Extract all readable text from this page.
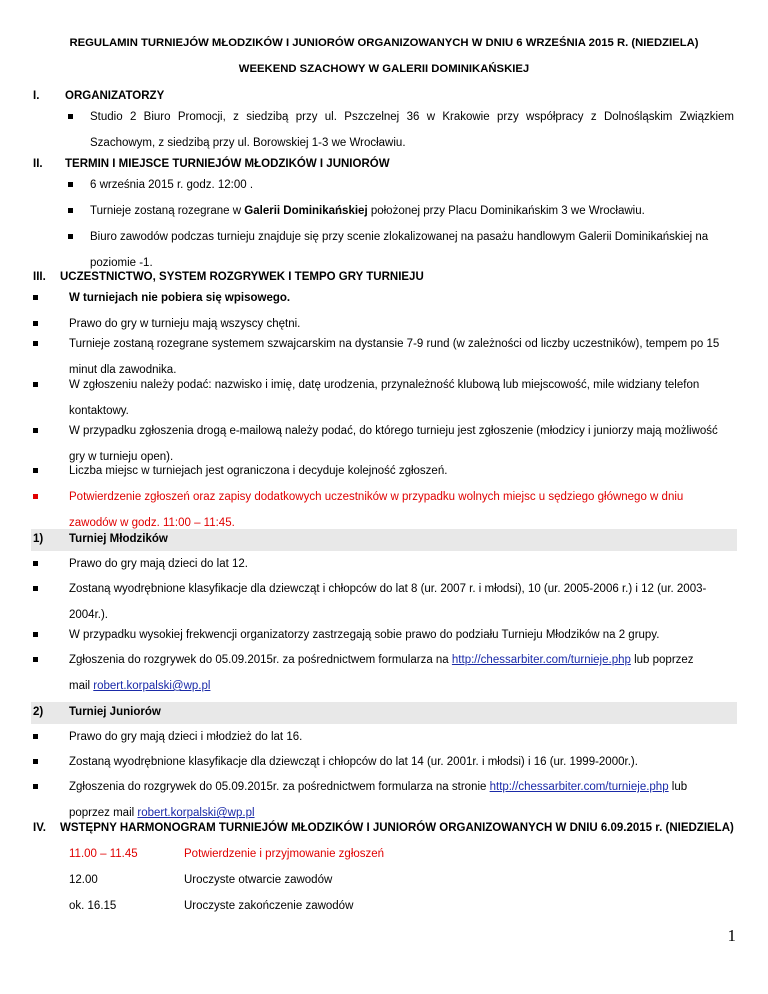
REGULAMIN TURNIEJÓW MŁODZIKÓW I JUNIORÓW ORGANIZOWANYCH W DNIU 6 WRZEŚNIA 2015 R. (NIEDZIELA)
WEEKEND SZACHOWY W GALERII DOMINIKAŃSKIEJ
I. ORGANIZATORZY
Studio 2 Biuro Promocji, z siedzibą przy ul. Pszczelnej 36 w Krakowie przy współpracy z Dolnośląskim Związkiem
Szachowym, z siedzibą przy ul. Borowskiej 1-3 we Wrocławiu.
II. TERMIN I MIEJSCE TURNIEJÓW MŁODZIKÓW I JUNIORÓW
6 września 2015 r. godz. 12:00 .
Turnieje zostaną rozegrane w Galerii Dominikańskiej położonej przy Placu Dominikańskim 3 we Wrocławiu.
Biuro zawodów podczas turnieju znajduje się przy scenie zlokalizowanej na pasażu handlowym Galerii Dominikańskiej na
poziomie -1.
III. UCZESTNICTWO, SYSTEM ROZGRYWEK I TEMPO GRY TURNIEJU
W turniejach nie pobiera się wpisowego.
Prawo do gry w turnieju mają wszyscy chętni.
Turnieje zostaną rozegrane systemem szwajcarskim na dystansie 7-9 rund (w zależności od liczby uczestników), tempem po 15
minut dla zawodnika.
W zgłoszeniu należy podać: nazwisko i imię, datę urodzenia, przynależność klubową lub miejscowość, mile widziany telefon
kontaktowy.
W przypadku zgłoszenia drogą e-mailową należy podać, do którego turnieju jest zgłoszenie (młodzicy i juniorzy mają możliwość
gry w turnieju open).
Liczba miejsc w turniejach jest ograniczona i decyduje kolejność zgłoszeń.
Potwierdzenie zgłoszeń oraz zapisy dodatkowych uczestników w przypadku wolnych miejsc u sędziego głównego w dniu
zawodów w godz. 11:00 – 11:45.
1) Turniej Młodzików
Prawo do gry mają dzieci do lat 12.
Zostaną wyodrębnione klasyfikacje dla dziewcząt i chłopców do lat 8 (ur. 2007 r. i młodsi), 10 (ur. 2005-2006 r.) i 12 (ur. 2003-
2004r.).
W przypadku wysokiej frekwencji organizatorzy zastrzegają sobie prawo do podziału Turnieju Młodzików na 2 grupy.
Zgłoszenia do rozgrywek do 05.09.2015r. za pośrednictwem formularza na http://chessarbiter.com/turnieje.php lub poprzez
mail robert.korpalski@wp.pl
2) Turniej Juniorów
Prawo do gry mają dzieci i młodzież do lat 16.
Zostaną wyodrębnione klasyfikacje dla dziewcząt i chłopców do lat 14 (ur. 2001r. i młodsi) i 16 (ur. 1999-2000r.).
Zgłoszenia do rozgrywek do 05.09.2015r. za pośrednictwem formularza na stronie http://chessarbiter.com/turnieje.php lub
poprzez mail robert.korpalski@wp.pl
IV. WSTĘPNY HARMONOGRAM TURNIEJÓW MŁODZIKÓW I JUNIORÓW ORGANIZOWANYCH W DNIU 6.09.2015 r. (NIEDZIELA)
11.00 – 11.45	Potwierdzenie i przyjmowanie zgłoszeń
12.00	Uroczyste otwarcie zawodów
ok. 16.15	Uroczyste zakończenie zawodów
1
